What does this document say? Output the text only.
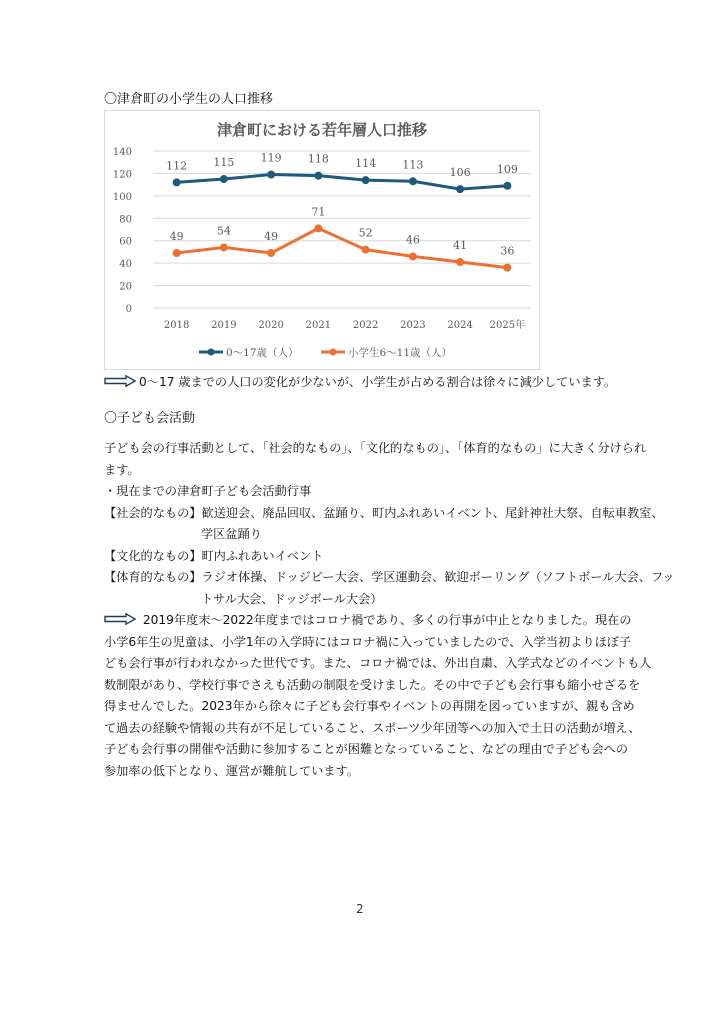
〇津倉町の小学生の人口推移
津倉町における若年層人口推移
0
20
40
60
80
100
120
140
2018 2019 2020 2021 2022 2023 2024 2025年
112 115 119 118 114 113
106 109
49	54	49
71
52
46	41	36
0～17歳（人）	小学生6～11歳（人）
0～17 歳までの人口の変化が少ないが、小学生が占める割合は徐々に減少しています。
〇子ども会活動
子ども会の行事活動として、「社会的なもの」、「文化的なもの」、「体育的なもの」に大きく分けられ
ます。
・現在までの津倉町子ども会活動行事
【社会的なもの】歓送迎会、廃品回収、盆踊り、町内ふれあいイベント、尾針神社大祭、自転車教室、
学区盆踊り
【文化的なもの】町内ふれあいイベント
【体育的なもの】ラジオ体操、ドッジビー大会、学区運動会、歓迎ボーリング（ソフトボール大会、フッ
トサル大会、ドッジボール大会）
2019年度末～2022年度まではコロナ禍であり、多くの行事が中止となりました。現在の
小学6年生の児童は、小学1年の入学時にはコロナ禍に入っていましたので、入学当初よりほぼ子
ども会行事が行われなかった世代です。また、コロナ禍では、外出自粛、入学式などのイベントも人
数制限があり、学校行事でさえも活動の制限を受けました。その中で子ども会行事も縮小せざるを
得ませんでした。2023年から徐々に子ども会行事やイベントの再開を図っていますが、親も含め
て過去の経験や情報の共有が不足していること、スポーツ少年団等への加入で土日の活動が増え、
子ども会行事の開催や活動に参加することが困難となっていること、などの理由で子ども会への
参加率の低下となり、運営が難航しています。
2
